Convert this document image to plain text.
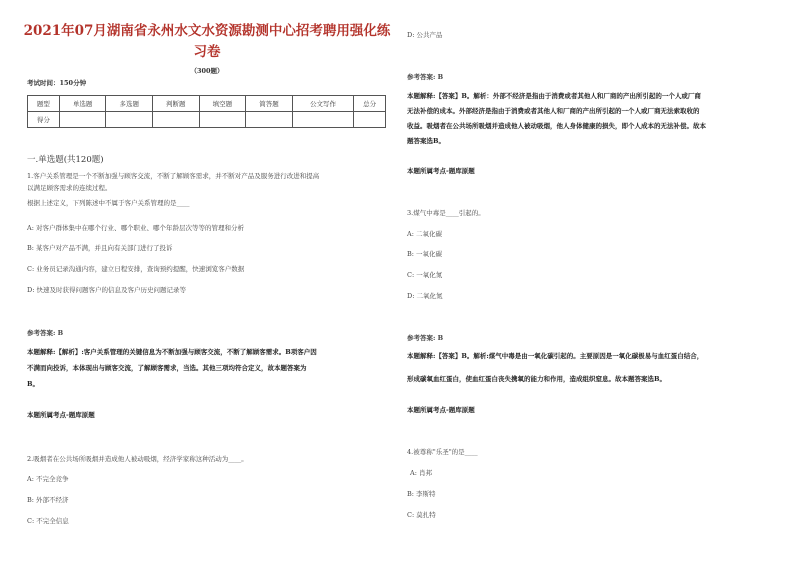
2021年07月湖南省永州水文水资源勘测中心招考聘用强化练习卷
（300题）
考试时间：150分钟
题型	单选题	多选题	判断题	填空题	简答题	公文写作	总分
得分							
一.单选题(共120题)
1.客户关系管理是一个不断加强与顾客交流，不断了解顾客需求，并不断对产品及服务进行改进和提高
以满足顾客需求的连续过程。
根据上述定义，下列陈述中不属于客户关系管理的是____
A: 对客户群体集中在哪个行业、哪个职业、哪个年龄层次等等的管理和分析
B: 某客户对产品不满，并且向有关部门进行了投诉
C: 业务员记录沟通内容，建立日程安排，查询预约提醒，快速浏览客户数据
D: 快速及时获得问题客户的信息及客户历史问题记录等
参考答案: B
本题解释:【解析】:客户关系管理的关键信息为不断加强与顾客交流，不断了解顾客需求。B项客户因
不满而向投诉，本体现出与顾客交流，了解顾客需求，当选。其他三项均符合定义，故本题答案为
B。
本题所属考点-题库原题
2.吸烟者在公共场所吸烟并造成他人被动吸烟，经济学家称这种活动为____。
A: 不完全竞争
B: 外部不经济
C: 不完全信息
D: 公共产品
参考答案: B
本题解释:【答案】B。解析：外部不经济是指由于消费或者其他人和厂商的产出所引起的一个人或厂商
无法补偿的成本。外部经济是指由于消费或者其他人和厂商的产出所引起的一个人或厂商无法索取收的
收益。吸烟者在公共场所吸烟并造成他人被动吸烟，他人身体健康的损失，即个人成本的无法补偿。故本
题答案选B。
本题所属考点-题库原题
3.煤气中毒是____引起的。
A: 二氧化碳
B: 一氧化碳
C: 一氧化氮
D: 二氧化氮
参考答案: B
本题解释:【答案】B。解析:煤气中毒是由一氧化碳引起的。主要原因是一氧化碳极易与血红蛋白结合，
形成碳氧血红蛋白，使血红蛋白丧失携氧的能力和作用，造成组织窒息。故本题答案选B。
本题所属考点-题库原题
4.被尊称"乐圣"的是____
A: 肖邦
B: 李斯特
C: 莫扎特
